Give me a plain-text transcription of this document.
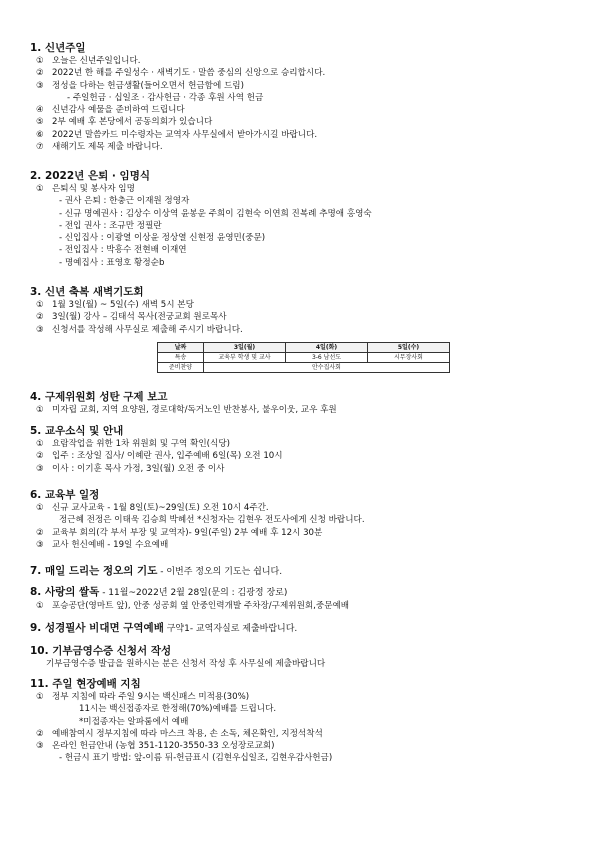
1. 신년주일

① 오늘은 신년주일입니다.

② 2022년 한 해를 주일성수 · 새벽기도 · 말씀 중심의 신앙으로 승리합시다.

③ 정성을 다하는 헌금생활(들어오면서 헌금함에 드림)

- 주일헌금 · 십일조 · 감사헌금 · 각종 후원 사역 헌금

④ 신년감사 예물을 준비하여 드립니다

⑤ 2부 예배 후 본당에서 공동의회가 있습니다

⑥ 2022년 말씀카드 미수령자는 교역자 사무실에서 받아가시길 바랍니다.

⑦ 새해기도 제목 제출 바랍니다.

2. 2022년 은퇴 · 임명식

① 은퇴식 및 봉사자 임명

- 권사 은퇴 : 한충근 이재원 정영자

- 신규 명예권사 : 김상수 이상역 윤봉운 주희이 김현숙 이연희 진복례 추명애 홍영숙

- 전입 권사 : 조규만 정필란

- 신입집사 : 이광열 이상윤 정상열 신현정 윤영민(중문)

- 전입집사 : 박흥수 전현배 이재연

- 명예집사 : 표영호 황정순b

3. 신년 축복 새벽기도회

① 1월 3일(월) ~ 5일(수) 새벽 5시 본당

② 3일(월) 강사 – 김태석 목사(전궁교회 원로목사

③ 신청서를 작성해 사무실로 제출해 주시기 바랍니다.

날짜	3일(월)	4일(화)	5일(수)
특송	교육부 학생 및 교사	3-6 남선도	시무장사회
준비찬양	안수집사회		

4. 구제위원회 성탄 구제 보고

① 미자립 교회, 지역 요양원, 경로대학/독거노인 반찬봉사, 불우이웃, 교우 후원

5. 교우소식 및 안내

① 요람작업을 위한 1차 위원회 및 구역 확인(식당)

② 입주 : 조상일 집사/ 이혜란 권사, 입주예배 6일(목) 오전 10시

③ 이사 : 이기훈 목사 가정, 3일(월) 오전 중 이사

6. 교육부 일정

① 신규 교사교육 - 1월 8일(토)~29일(토) 오전 10시 4주간.

정근혜 전정은 이태욱 김승희 박혜선 *신청자는 김현우 전도사에게 신청 바랍니다.

② 교육부 회의(각 부서 부장 및 교역자)- 9일(주일) 2부 예배 후 12시 30분

③ 교사 헌신예배 - 19일 수요예배

7. 매일 드리는 정오의 기도 - 이번주 정오의 기도는 쉽니다.

8. 사랑의 쌀독 - 11월~2022년 2월 28일(문의 : 김광정 장로)

① 포승공단(영마트 앞), 안중 성공회 옆 안중인력개발 주차장/구제위원회,중문예배

9. 성경필사 비대면 구역예배 구약1- 교역자실로 제출바랍니다.

10. 기부금영수증 신청서 작성

기부금영수증 발급을 원하시는 분은 신청서 작성 후 사무실에 제출바랍니다

11. 주일 현장예배 지침

① 정부 지침에 따라 주일 9시는 백신패스 미적용(30%)

11시는 백신접종자로 한정해(70%)예배를 드립니다.

*미접종자는 알파룸에서 예배

② 예배참여시 정부지침에 따라 마스크 착용, 손 소독, 체온확인, 지정석착석

③ 온라인 헌금안내 (농협 351-1120-3550-33 오성장로교회)

- 헌금시 표기 방법: 앞-이름 뒤-헌금표시 (김현우십일조, 김현우감사헌금)
